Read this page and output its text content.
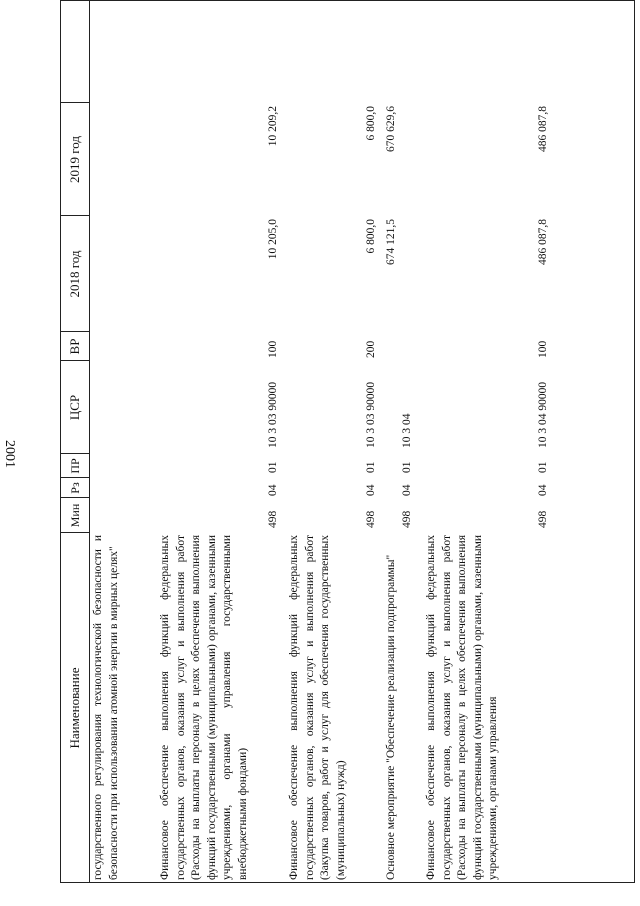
2001
Наименование
Мин
Рз
ПР
ЦСР
ВР
2018 год
2019 год
государственного регулирования технологической безопасности и безопасности при использовании атомной энергии в мирных целях"	Финансовое обеспечение выполнения функций федеральных государственных органов, оказания услуг и выполнения работ (Расходы на выплаты персоналу в целях обеспечения выполнения функций государственными (муниципальными) органами, казенными учреждениями, органами управления государственными внебюджетными фондами)
498
04
01
10 3 03 90000
100
10 205,0
10 209,2
Финансовое обеспечение выполнения функций федеральных государственных органов, оказания услуг и выполнения работ (Закупка товаров, работ и услуг для обеспечения государственных (муниципальных) нужд)
498
04
01
10 3 03 90000
200
6 800,0
6 800,0
Основное мероприятие "Обеспечение реализации подпрограммы"
498
04
01
10 3 04
674 121,5
670 629,6
Финансовое обеспечение выполнения функций федеральных государственных органов, оказания услуг и выполнения работ (Расходы на выплаты персоналу в целях обеспечения выполнения функций государственными (муниципальными) органами, казенными учреждениями, органами управления
498
04
01
10 3 04 90000
100
486 087,8
486 087,8
